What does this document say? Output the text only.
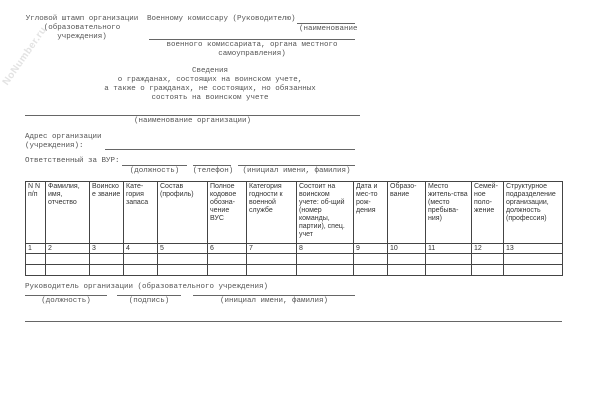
NoNumber.ru
Угловой штамп организации
(образовательного
учреждения)
Военному комиссару (Руководителю)
(наименование
военного комиссариата, органа местного
самоуправления)
Сведения
о гражданах, состоящих на воинском учете,
а также о гражданах, не состоящих, но обязанных
состоять на воинском учете
(наименование организации)
Адрес организации
(учреждения):
Ответственный за ВУР:
(должность)	(телефон)	(инициал имени, фамилия)
N N п/п	Фамилия, имя, отчество	Воинское звание	Кате-гория запаса	Состав (профиль)	Полное кодовое обозна-чение ВУС	Категория годности к военной службе	Состоит на воинском учете: об-щий (номер команды, партии), спец. учет	Дата и мес-то рож-дения	Образо-вание	Место житель-ства (место пребыва-ния)	Семей-ное поло-жение	Структурное подразделение организации, должность (профессия)
1	2	3	4	5	6	7	8	9	10	11	12	13

Руководитель организации (образовательного учреждения)
(должность)	(подпись)	(инициал имени, фамилия)
